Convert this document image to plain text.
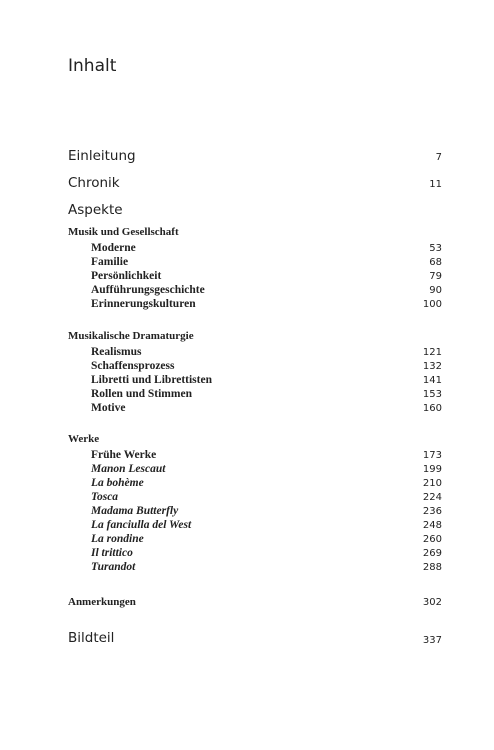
Inhalt
Einleitung	7
Chronik	11
Aspekte
Musik und Gesellschaft
Moderne	53
Familie	68
Persönlichkeit	79
Aufführungsgeschichte	90
Erinnerungskulturen	100
Musikalische Dramaturgie
Realismus	121
Schaffensprozess	132
Libretti und Librettisten	141
Rollen und Stimmen	153
Motive	160
Werke
Frühe Werke	173
Manon Lescaut	199
La bohème	210
Tosca	224
Madama Butterfly	236
La fanciulla del West	248
La rondine	260
Il trittico	269
Turandot	288
Anmerkungen	302
Bildteil	337
